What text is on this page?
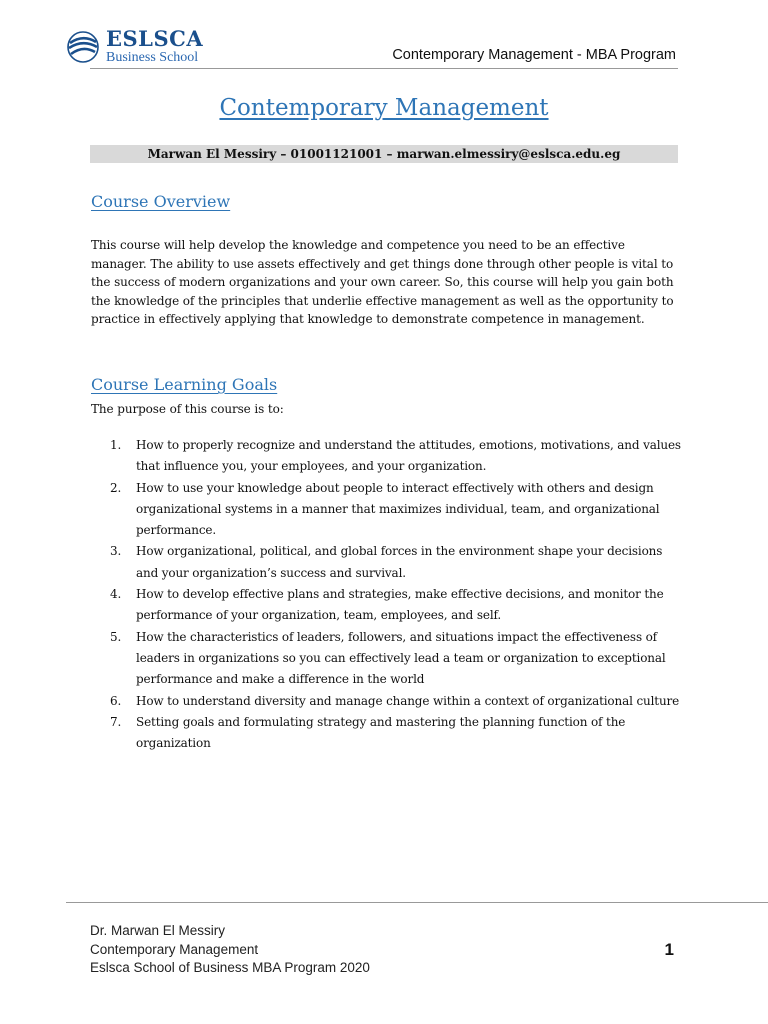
ESLSCA
Business School	Contemporary Management - MBA Program
Contemporary Management
Marwan El Messiry – 01001121001 – marwan.elmessiry@eslsca.edu.eg
Course Overview
This course will help develop the knowledge and competence you need to be an effective manager. The ability to use assets effectively and get things done through other people is vital to the success of modern organizations and your own career. So, this course will help you gain both the knowledge of the principles that underlie effective management as well as the opportunity to practice in effectively applying that knowledge to demonstrate competence in management.
Course Learning Goals
The purpose of this course is to:
1.	How to properly recognize and understand the attitudes, emotions, motivations, and values that influence you, your employees, and your organization.
2.	How to use your knowledge about people to interact effectively with others and design organizational systems in a manner that maximizes individual, team, and organizational performance.
3.	How organizational, political, and global forces in the environment shape your decisions and your organization’s success and survival.
4.	How to develop effective plans and strategies, make effective decisions, and monitor the performance of your organization, team, employees, and self.
5.	How the characteristics of leaders, followers, and situations impact the effectiveness of leaders in organizations so you can effectively lead a team or organization to exceptional performance and make a difference in the world
6.	How to understand diversity and manage change within a context of organizational culture
7.	Setting goals and formulating strategy and mastering the planning function of the organization
Dr. Marwan El Messiry
Contemporary Management
Eslsca School of Business MBA Program 2020
1
